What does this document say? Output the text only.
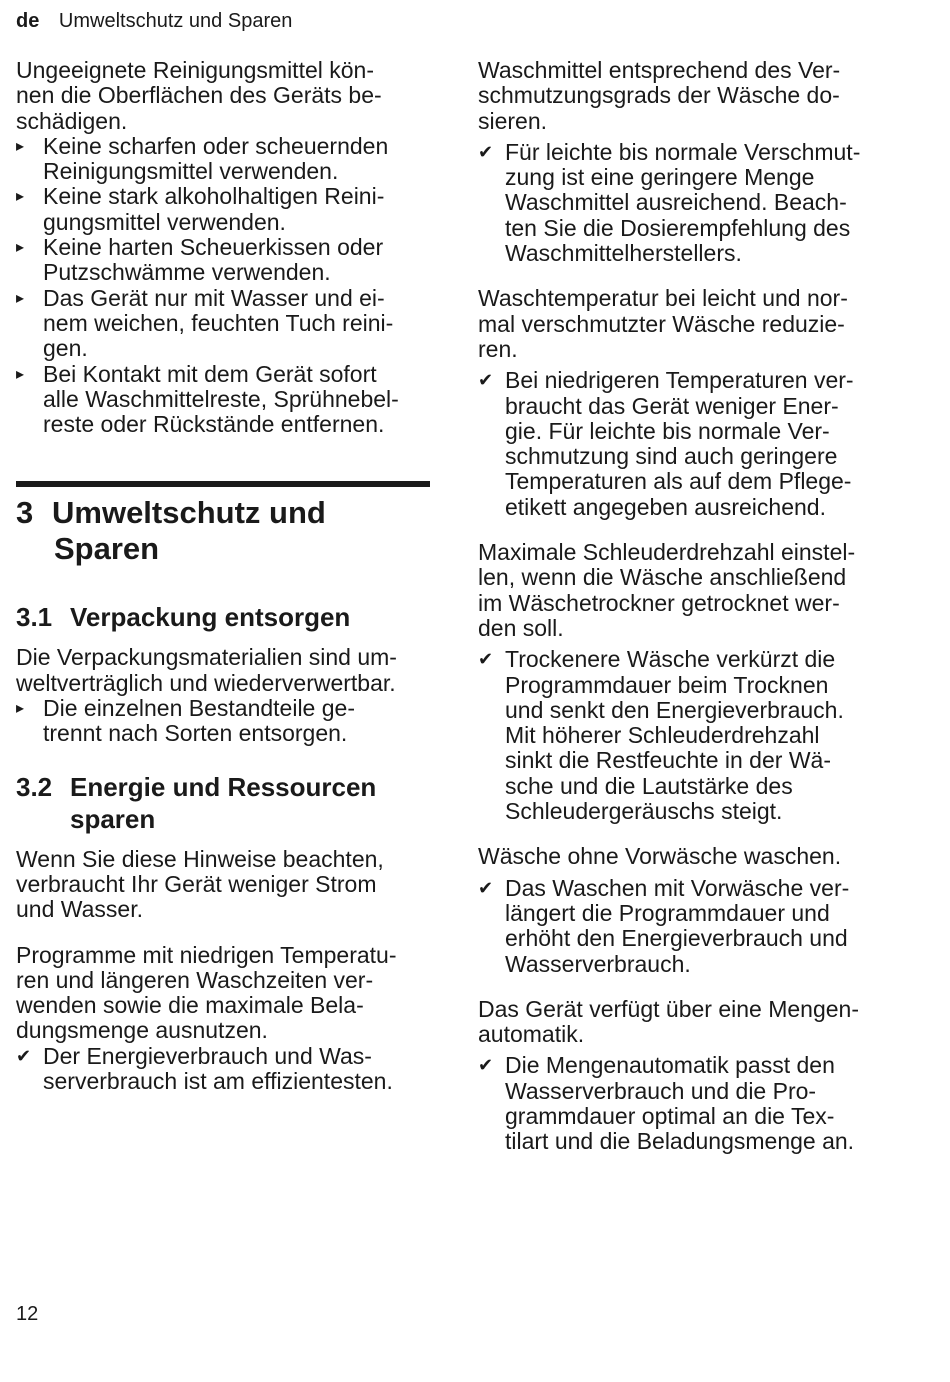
de Umweltschutz und Sparen
Ungeeignete Reinigungsmittel kön-
nen die Oberflächen des Geräts be-
schädigen.
▸ Keine scharfen oder scheuernden
Reinigungsmittel verwenden.
▸ Keine stark alkoholhaltigen Reini-
gungsmittel verwenden.
▸ Keine harten Scheuerkissen oder
Putzschwämme verwenden.
▸ Das Gerät nur mit Wasser und ei-
nem weichen, feuchten Tuch reini-
gen.
▸ Bei Kontakt mit dem Gerät sofort
alle Waschmittelreste, Sprühnebel-
reste oder Rückstände entfernen.
3 Umweltschutz und
Sparen
3.1 Verpackung entsorgen
Die Verpackungsmaterialien sind um-
weltverträglich und wiederverwertbar.
▸ Die einzelnen Bestandteile ge-
trennt nach Sorten entsorgen.
3.2 Energie und Ressourcen
sparen
Wenn Sie diese Hinweise beachten,
verbraucht Ihr Gerät weniger Strom
und Wasser.
Programme mit niedrigen Temperatu-
ren und längeren Waschzeiten ver-
wenden sowie die maximale Bela-
dungsmenge ausnutzen.
✔ Der Energieverbrauch und Was-
serverbrauch ist am effizientesten.
Waschmittel entsprechend des Ver-
schmutzungsgrads der Wäsche do-
sieren.
✔ Für leichte bis normale Verschmut-
zung ist eine geringere Menge
Waschmittel ausreichend. Beach-
ten Sie die Dosierempfehlung des
Waschmittelherstellers.
Waschtemperatur bei leicht und nor-
mal verschmutzter Wäsche reduzie-
ren.
✔ Bei niedrigeren Temperaturen ver-
braucht das Gerät weniger Ener-
gie. Für leichte bis normale Ver-
schmutzung sind auch geringere
Temperaturen als auf dem Pflege-
etikett angegeben ausreichend.
Maximale Schleuderdrehzahl einstel-
len, wenn die Wäsche anschließend
im Wäschetrockner getrocknet wer-
den soll.
✔ Trockenere Wäsche verkürzt die
Programmdauer beim Trocknen
und senkt den Energieverbrauch.
Mit höherer Schleuderdrehzahl
sinkt die Restfeuchte in der Wä-
sche und die Lautstärke des
Schleudergeräuschs steigt.
Wäsche ohne Vorwäsche waschen.
✔ Das Waschen mit Vorwäsche ver-
längert die Programmdauer und
erhöht den Energieverbrauch und
Wasserverbrauch.
Das Gerät verfügt über eine Mengen-
automatik.
✔ Die Mengenautomatik passt den
Wasserverbrauch und die Pro-
grammdauer optimal an die Tex-
tilart und die Beladungsmenge an.
12
